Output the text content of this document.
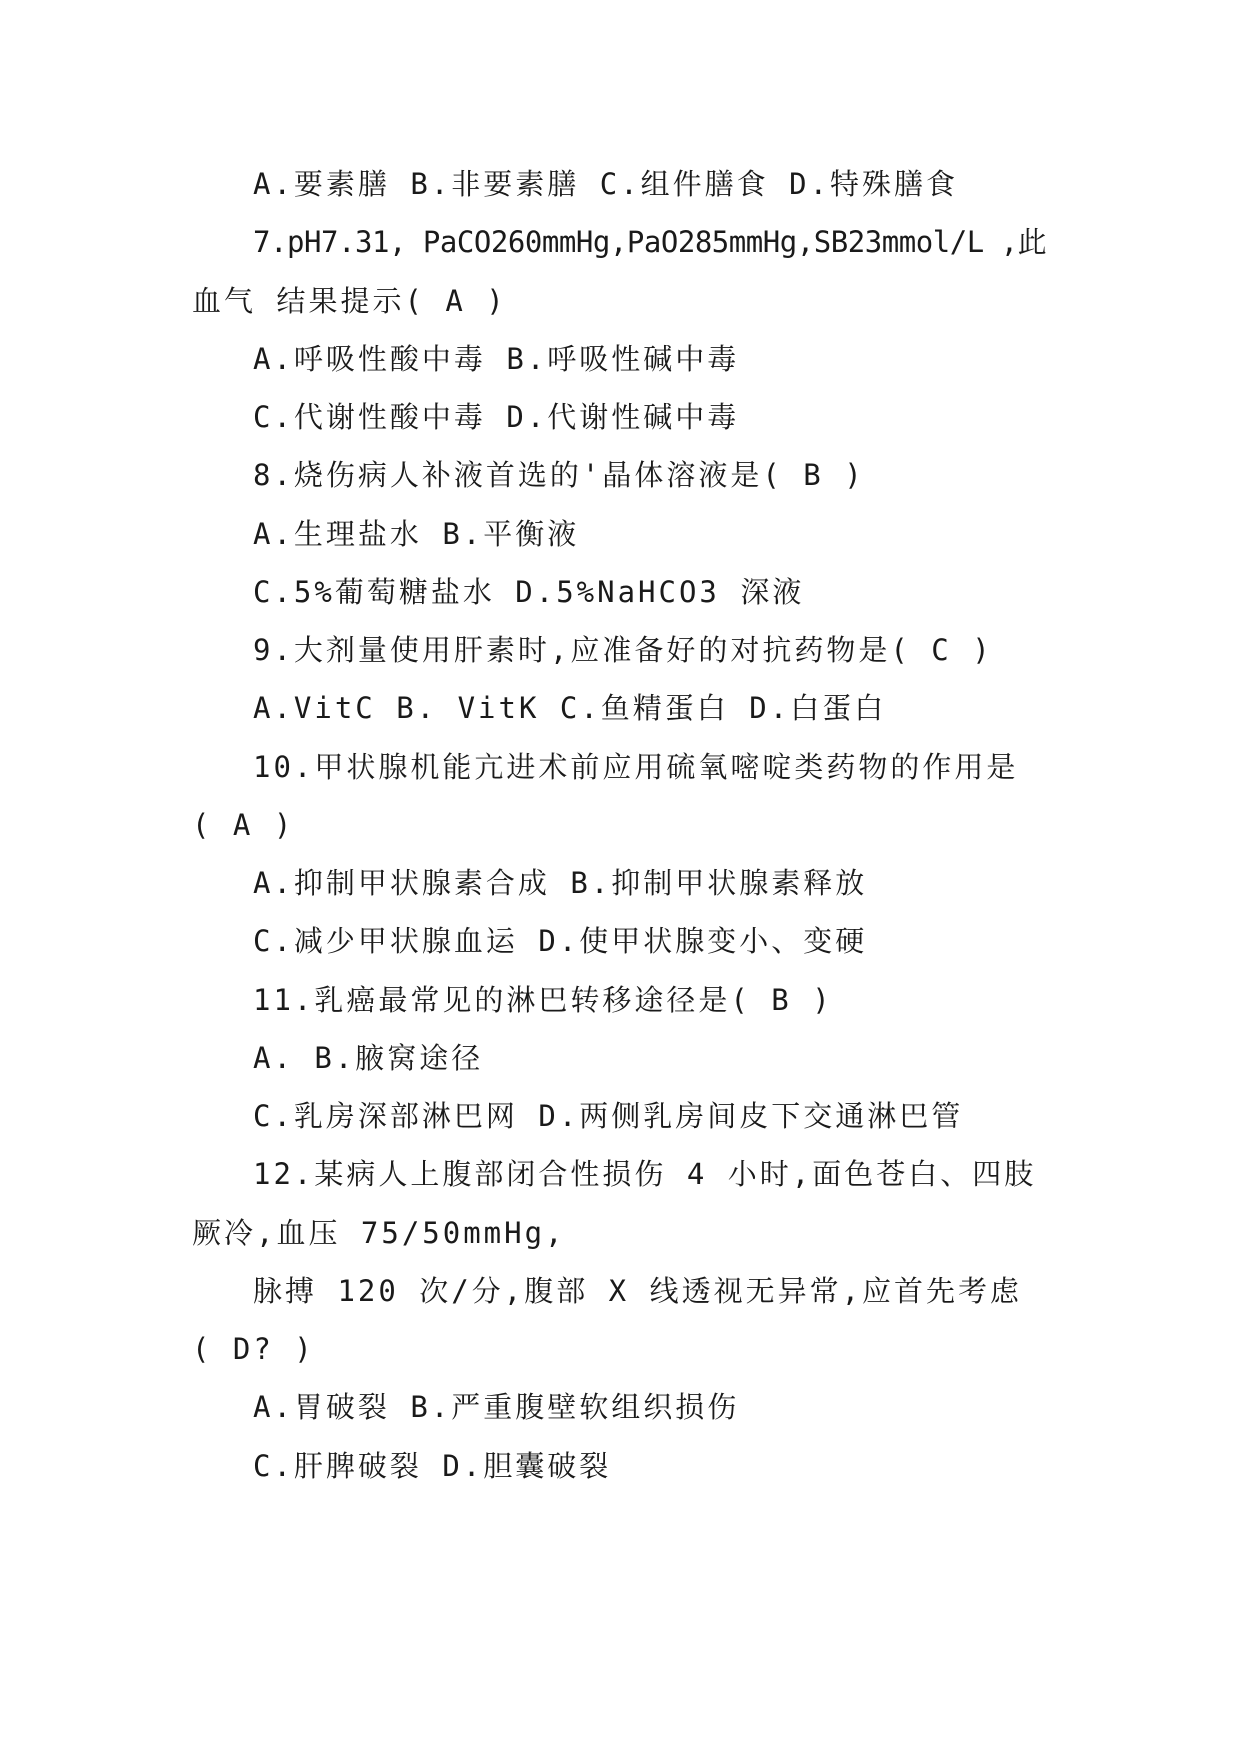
A.要素膳 B.非要素膳 C.组件膳食 D.特殊膳食
7.pH7.31, PaCO260mmHg,PaO285mmHg,SB23mmol/L ,此
血气 结果提示( A )
A.呼吸性酸中毒 B.呼吸性碱中毒
C.代谢性酸中毒 D.代谢性碱中毒
8.烧伤病人补液首选的'晶体溶液是( B )
A.生理盐水 B.平衡液
C.5%葡萄糖盐水 D.5%NaHCO3 深液
9.大剂量使用肝素时,应准备好的对抗药物是( C )
A.VitC B. VitK C.鱼精蛋白 D.白蛋白
10.甲状腺机能亢进术前应用硫氧嘧啶类药物的作用是
( A )
A.抑制甲状腺素合成 B.抑制甲状腺素释放
C.减少甲状腺血运 D.使甲状腺变小、变硬
11.乳癌最常见的淋巴转移途径是( B )
A. B.腋窝途径
C.乳房深部淋巴网 D.两侧乳房间皮下交通淋巴管
12.某病人上腹部闭合性损伤 4 小时,面色苍白、四肢
厥冷,血压 75/50mmHg,
脉搏 120 次/分,腹部 X 线透视无异常,应首先考虑
( D? )
A.胃破裂 B.严重腹壁软组织损伤
C.肝脾破裂 D.胆囊破裂
